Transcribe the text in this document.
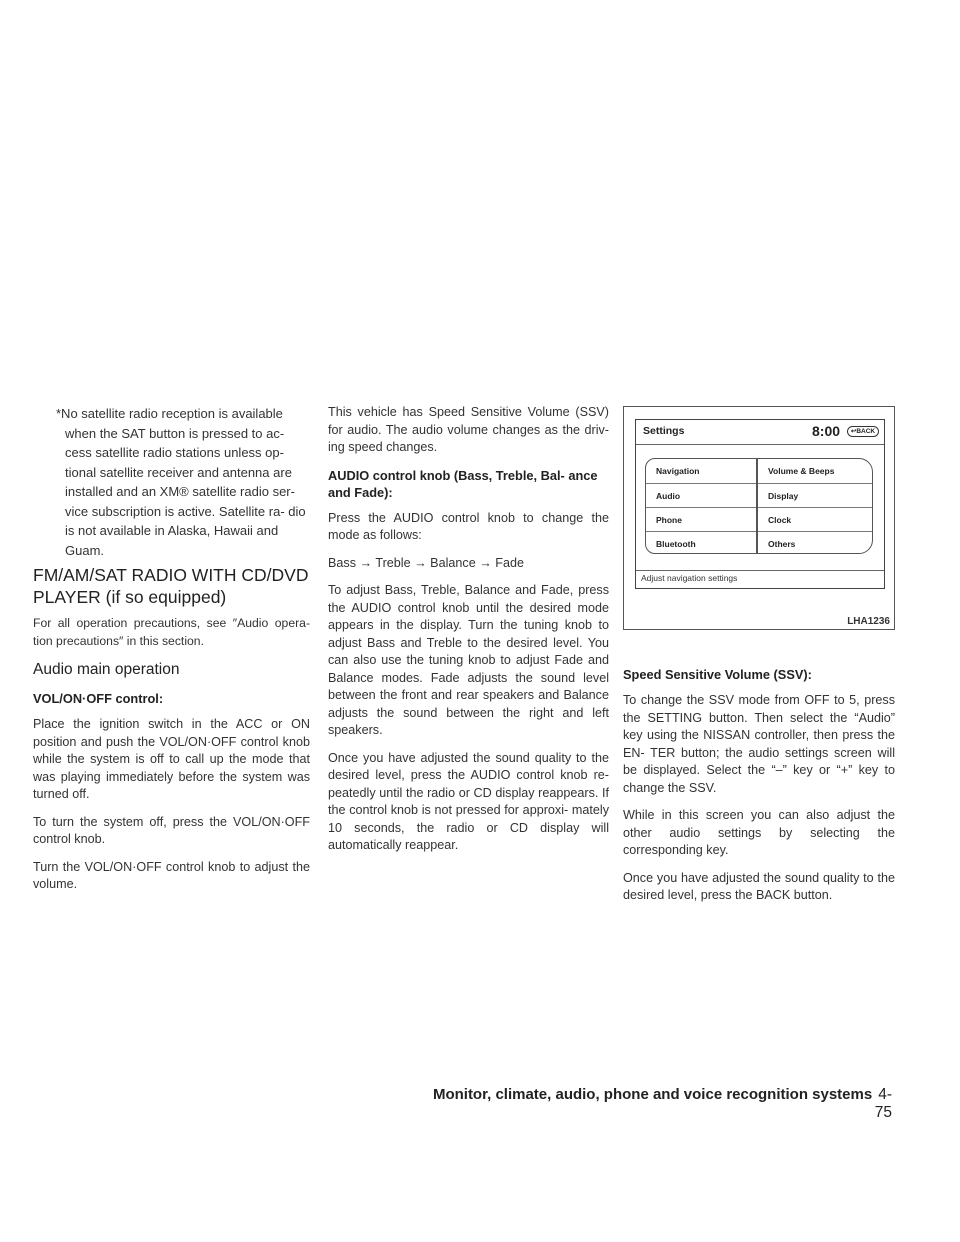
*No satellite radio reception is available when the SAT button is pressed to ac- cess satellite radio stations unless op- tional satellite receiver and antenna are installed and an XM® satellite radio ser- vice subscription is active. Satellite ra- dio is not available in Alaska, Hawaii and Guam.

FM/AM/SAT RADIO WITH CD/DVD PLAYER (if so equipped)

For all operation precautions, see ″Audio opera- tion precautions″ in this section.

Audio main operation
VOL/ON·OFF control:

Place the ignition switch in the ACC or ON position and push the VOL/ON·OFF control knob while the system is off to call up the mode that was playing immediately before the system was turned off.

To turn the system off, press the VOL/ON·OFF control knob.

Turn the VOL/ON·OFF control knob to adjust the volume.

This vehicle has Speed Sensitive Volume (SSV) for audio. The audio volume changes as the driv- ing speed changes.

AUDIO control knob (Bass, Treble, Bal- ance and Fade):

Press the AUDIO control knob to change the mode as follows:

Bass → Treble → Balance → Fade

To adjust Bass, Treble, Balance and Fade, press the AUDIO control knob until the desired mode appears in the display. Turn the tuning knob to adjust Bass and Treble to the desired level. You can also use the tuning knob to adjust Fade and Balance modes. Fade adjusts the sound level between the front and rear speakers and Balance adjusts the sound between the right and left speakers.

Once you have adjusted the sound quality to the desired level, press the AUDIO control knob re- peatedly until the radio or CD display reappears. If the control knob is not pressed for approxi- mately 10 seconds, the radio or CD display will automatically reappear.

Settings	8:00	↩BACK
Navigation
Audio
Phone
Bluetooth
Volume & Beeps
Display
Clock
Others
Adjust navigation settings
LHA1236
Speed Sensitive Volume (SSV):

To change the SSV mode from OFF to 5, press the SETTING button. Then select the “Audio” key using the NISSAN controller, then press the EN- TER button; the audio settings screen will be displayed. Select the “–” key or “+” key to change the SSV.

While in this screen you can also adjust the other audio settings by selecting the corresponding key.

Once you have adjusted the sound quality to the desired level, press the BACK button.

Monitor, climate, audio, phone and voice recognition systems 4-75
